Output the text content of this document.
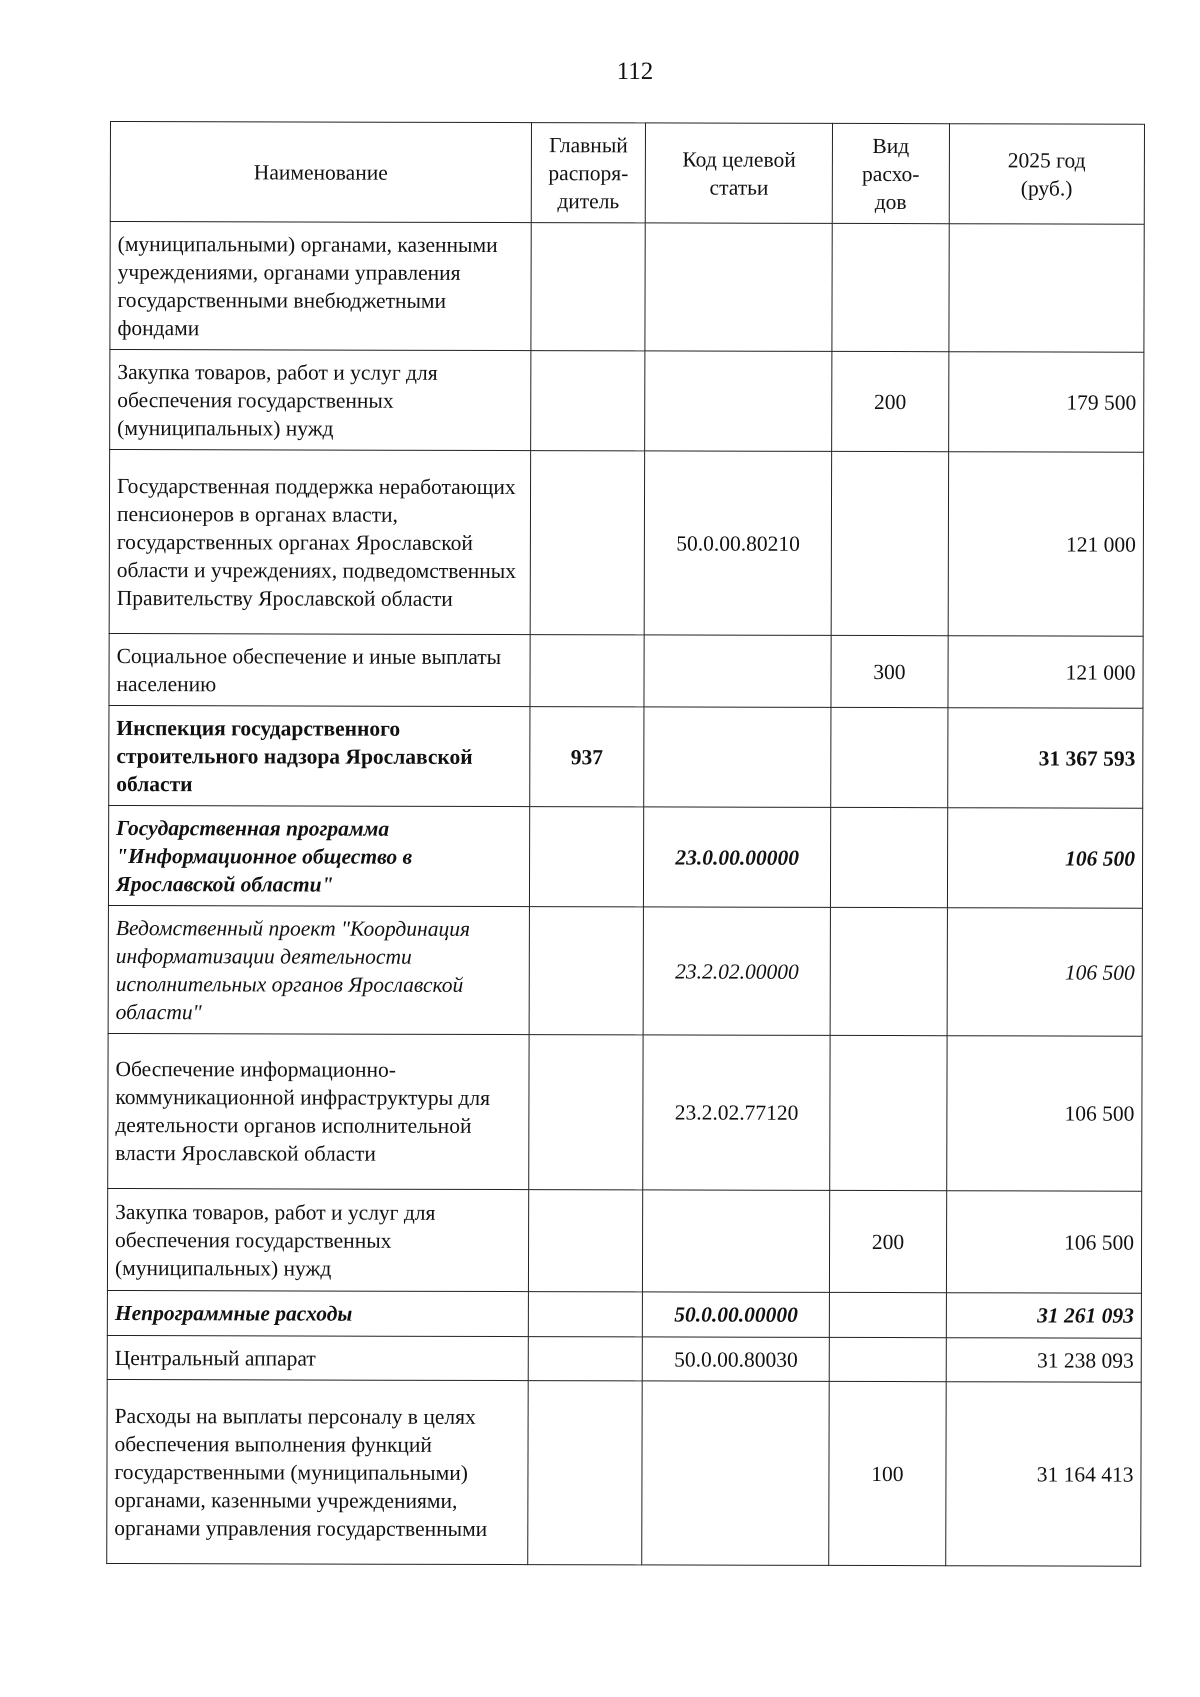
112
Наименование	Главный распоря-дитель	Код целевой статьи	Вид расхо-дов	2025 год (руб.)
(муниципальными) органами, казенными учреждениями, органами управления государственными внебюджетными фондами				
Закупка товаров, работ и услуг для обеспечения государственных (муниципальных) нужд			200	179 500
Государственная поддержка неработающих пенсионеров в органах власти, государственных органах Ярославской области и учреждениях, подведомственных Правительству Ярославской области		50.0.00.80210		121 000
Социальное обеспечение и иные выплаты населению			300	121 000
Инспекция государственного строительного надзора Ярославской области	937			31 367 593
Государственная программа "Информационное общество в Ярославской области"		23.0.00.00000		106 500
Ведомственный проект "Координация информатизации деятельности исполнительных органов Ярославской области"		23.2.02.00000		106 500
Обеспечение информационно-коммуникационной инфраструктуры для деятельности органов исполнительной власти Ярославской области		23.2.02.77120		106 500
Закупка товаров, работ и услуг для обеспечения государственных (муниципальных) нужд			200	106 500
Непрограммные расходы		50.0.00.00000		31 261 093
Центральный аппарат		50.0.00.80030		31 238 093
Расходы на выплаты персоналу в целях обеспечения выполнения функций государственными (муниципальными) органами, казенными учреждениями, органами управления государственными			100	31 164 413
